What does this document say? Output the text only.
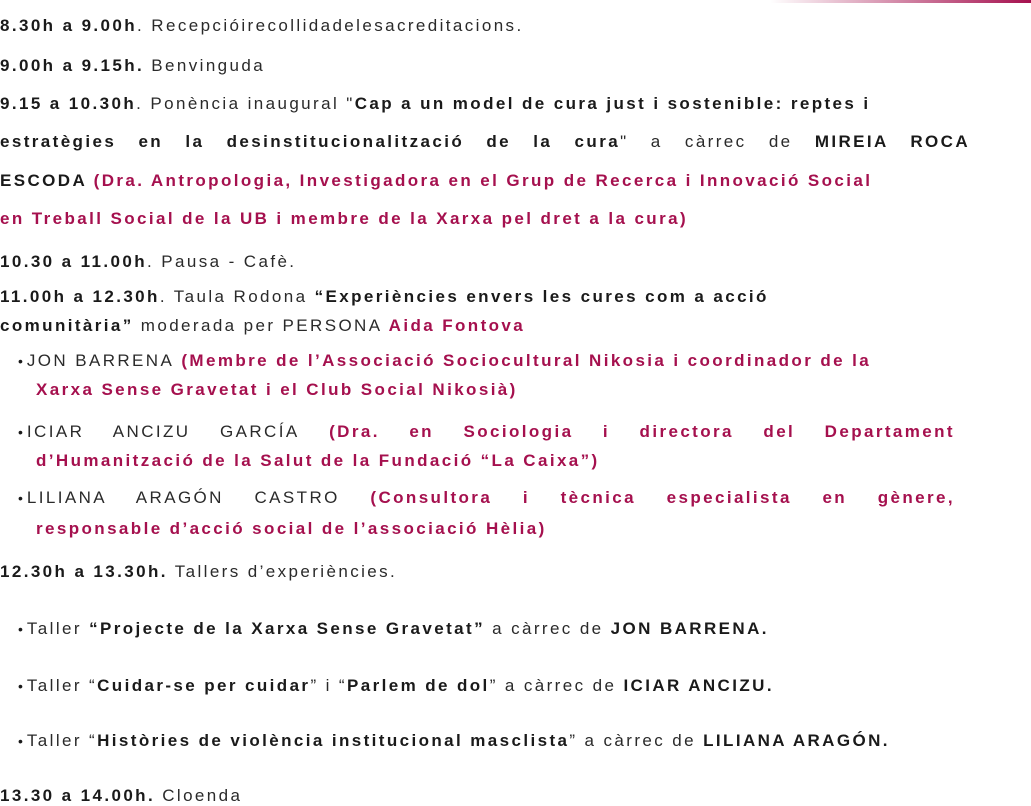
8.30h a 9.00h. Recepcióirecollidadelesacreditacions.
9.00h a 9.15h. Benvinguda
9.15 a 10.30h. Ponència inaugural "Cap a un model de cura just i sostenible: reptes i
estratègies en la desinstitucionalització de la cura" a càrrec de MIREIA ROCA
ESCODA (Dra. Antropologia, Investigadora en el Grup de Recerca i Innovació Social
en Treball Social de la UB i membre de la Xarxa pel dret a la cura)
10.30 a 11.00h. Pausa - Cafè.
11.00h a 12.30h. Taula Rodona “Experiències envers les cures com a acció
comunitària” moderada per PERSONA Aida Fontova
• JON BARRENA (Membre de l’Associació Sociocultural Nikosia i coordinador de la
Xarxa Sense Gravetat i el Club Social Nikosià)
• ICIAR ANCIZU GARCÍA (Dra. en Sociologia i directora del Departament
d’Humanització de la Salut de la Fundació “La Caixa”)
• LILIANA ARAGÓN CASTRO (Consultora i tècnica especialista en gènere,
responsable d’acció social de l’associació Hèlia)
12.30h a 13.30h. Tallers d’experiències.
• Taller “Projecte de la Xarxa Sense Gravetat” a càrrec de JON BARRENA.
• Taller “Cuidar-se per cuidar” i “Parlem de dol” a càrrec de ICIAR ANCIZU.
• Taller “Històries de violència institucional masclista” a càrrec de LILIANA ARAGÓN.
13.30 a 14.00h. Cloenda
